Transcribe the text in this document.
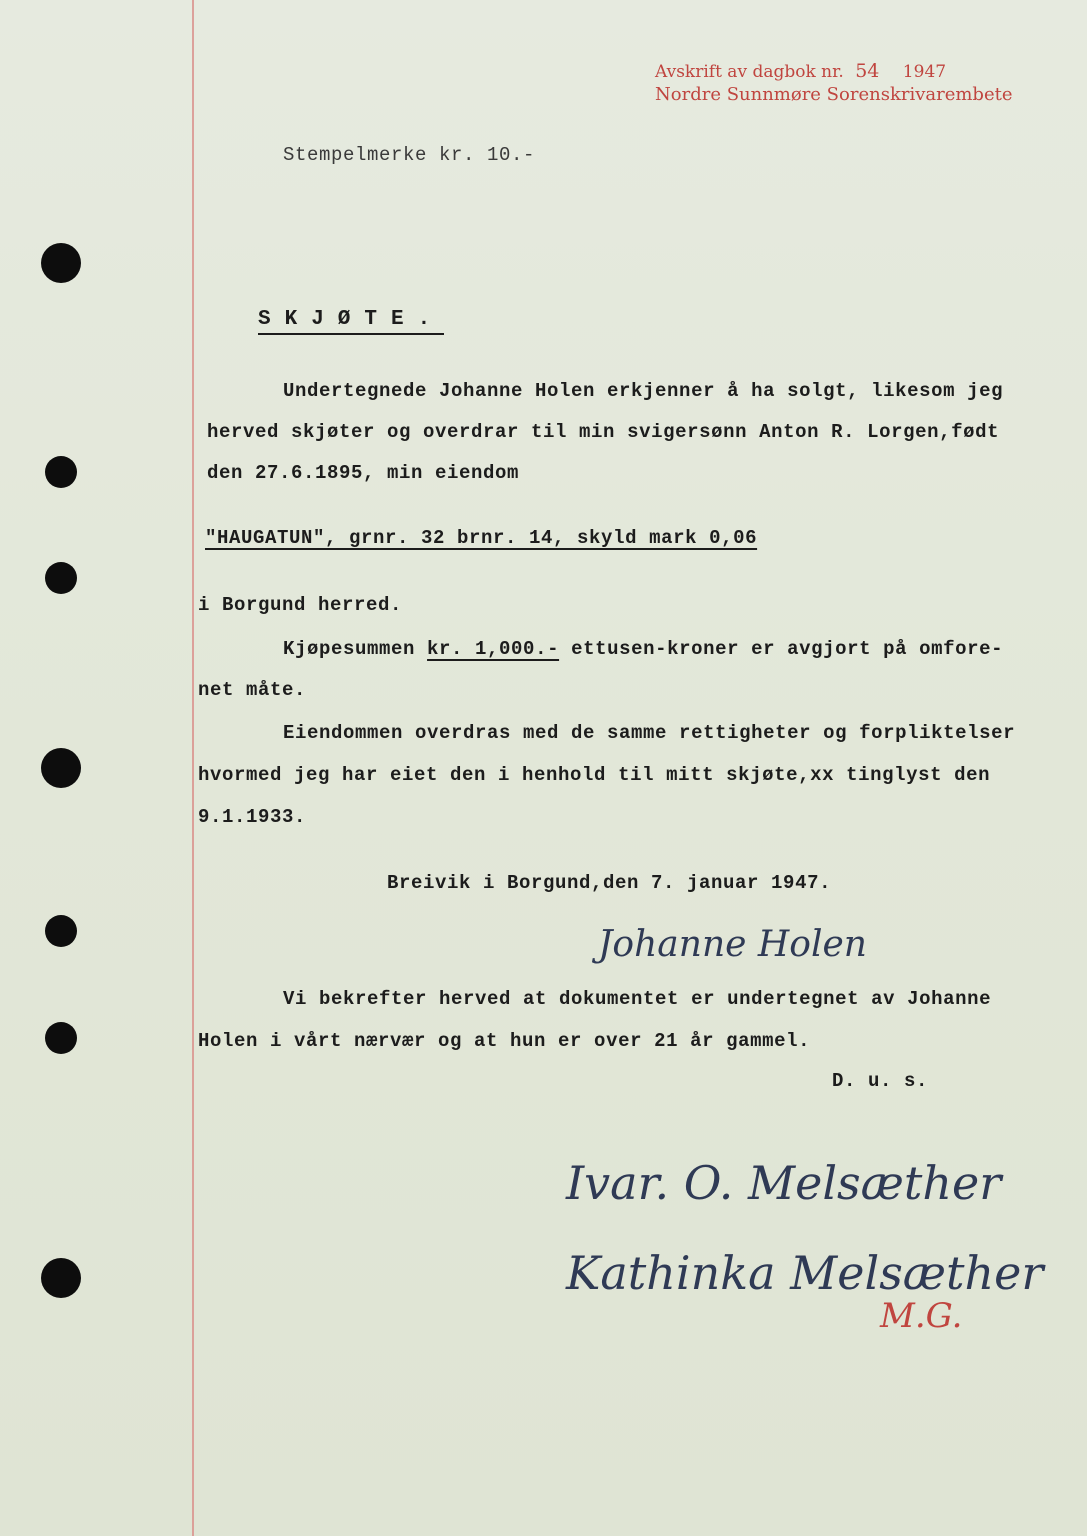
Avskrift av dagbok nr. 54 1947
Nordre Sunnmøre Sorenskrivarembete
Stempelmerke kr. 10.-
SKJØTE.
Undertegnede Johanne Holen erkjenner å ha solgt, likesom jeg
herved skjøter og overdrar til min svigersønn Anton R. Lorgen,født
den 27.6.1895, min eiendom
"HAUGATUN", grnr. 32 brnr. 14, skyld mark 0,06
i Borgund herred.
Kjøpesummen kr. 1,000.- ettusen-kroner er avgjort på omfore-
net måte.
Eiendommen overdras med de samme rettigheter og forpliktelser
hvormed jeg har eiet den i henhold til mitt skjøte,xx tinglyst den
9.1.1933.
Breivik i Borgund,den 7. januar 1947.
Johanne Holen
Vi bekrefter herved at dokumentet er undertegnet av Johanne
Holen i vårt nærvær og at hun er over 21 år gammel.
D. u. s.
Ivar. O. Melsæther
Kathinka Melsæther
M.G.
